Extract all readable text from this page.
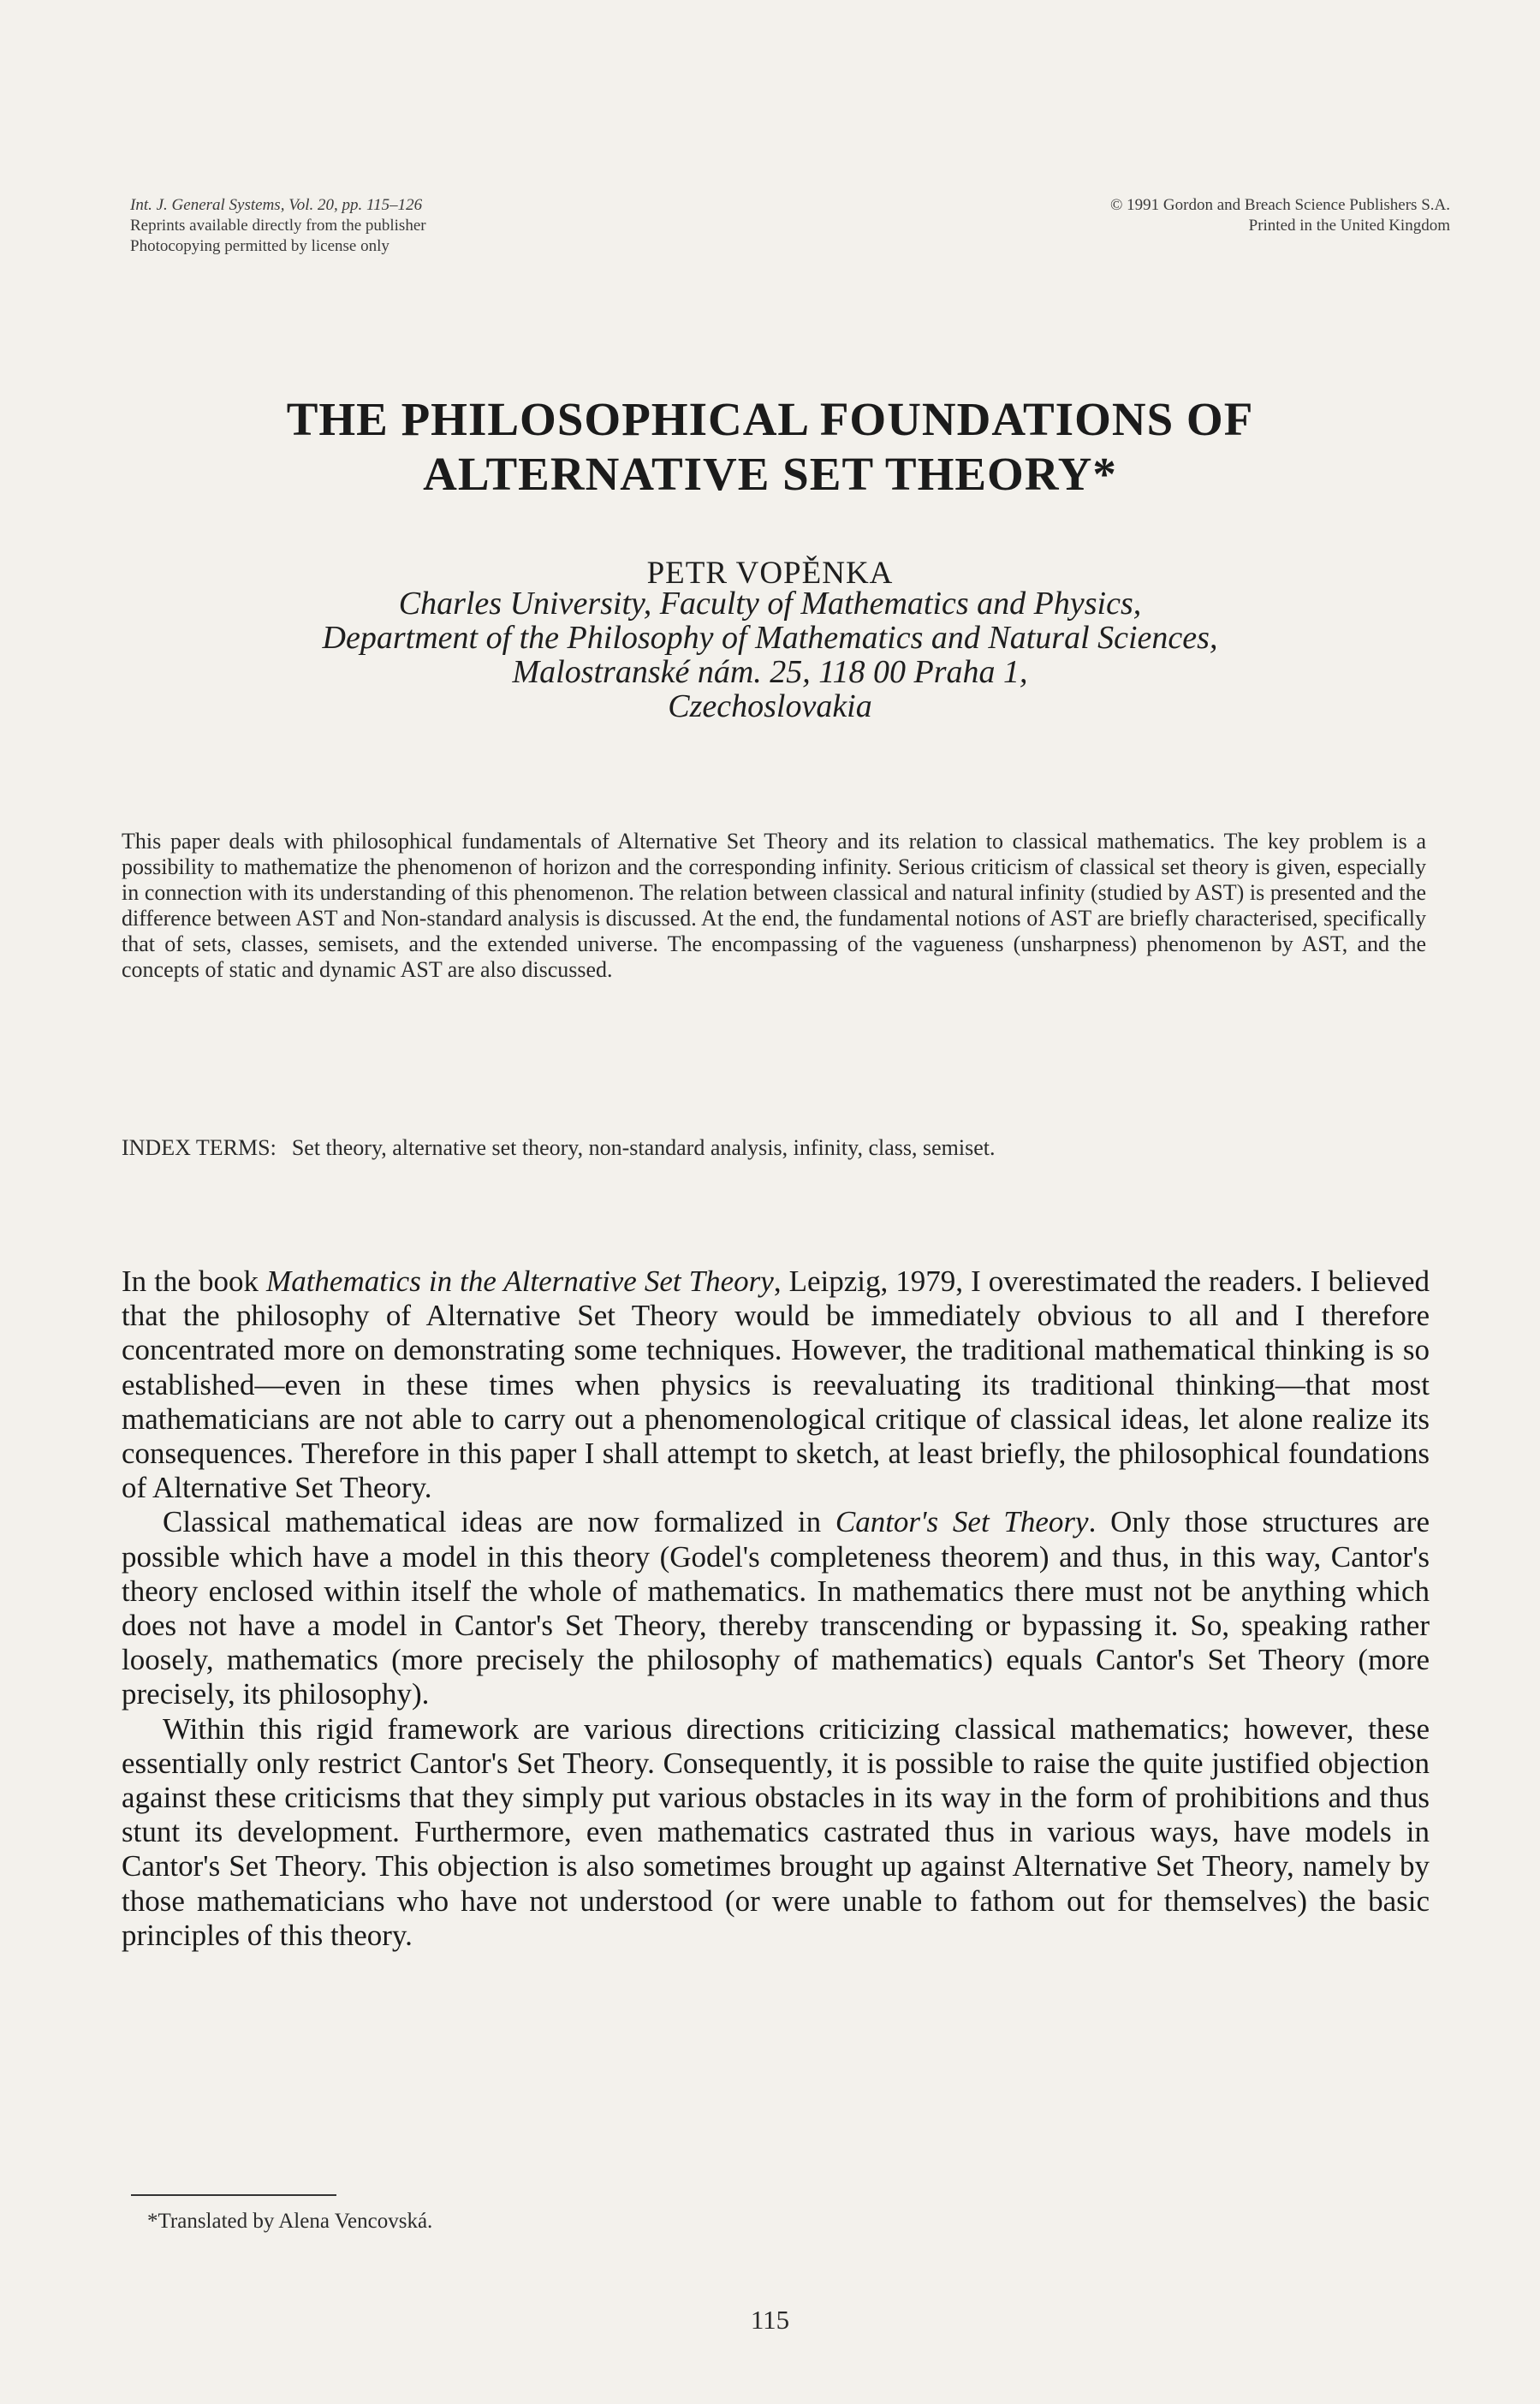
Int. J. General Systems, Vol. 20, pp. 115–126
Reprints available directly from the publisher
Photocopying permitted by license only
© 1991 Gordon and Breach Science Publishers S.A.
Printed in the United Kingdom
THE PHILOSOPHICAL FOUNDATIONS OF
ALTERNATIVE SET THEORY*
PETR VOPĚNKA
Charles University, Faculty of Mathematics and Physics,
Department of the Philosophy of Mathematics and Natural Sciences,
Malostranské nám. 25, 118 00 Praha 1,
Czechoslovakia
This paper deals with philosophical fundamentals of Alternative Set Theory and its relation to classical mathematics. The key problem is a possibility to mathematize the phenomenon of horizon and the corresponding infinity. Serious criticism of classical set theory is given, especially in connection with its understanding of this phenomenon. The relation between classical and natural infinity (studied by AST) is presented and the difference between AST and Non-standard analysis is discussed. At the end, the fundamental notions of AST are briefly characterised, specifically that of sets, classes, semisets, and the extended universe. The encompassing of the vagueness (unsharpness) phenomenon by AST, and the concepts of static and dynamic AST are also discussed.
INDEX TERMS: Set theory, alternative set theory, non-standard analysis, infinity, class, semiset.

In the book Mathematics in the Alternative Set Theory, Leipzig, 1979, I overestimated the readers. I believed that the philosophy of Alternative Set Theory would be immediately obvious to all and I therefore concentrated more on demonstrating some techniques. However, the traditional mathematical thinking is so established—even in these times when physics is reevaluating its traditional thinking—that most mathematicians are not able to carry out a phenomenological critique of classical ideas, let alone realize its consequences. Therefore in this paper I shall attempt to sketch, at least briefly, the philosophical foundations of Alternative Set Theory.

Classical mathematical ideas are now formalized in Cantor's Set Theory. Only those structures are possible which have a model in this theory (Godel's completeness theorem) and thus, in this way, Cantor's theory enclosed within itself the whole of mathematics. In mathematics there must not be anything which does not have a model in Cantor's Set Theory, thereby transcending or bypassing it. So, speaking rather loosely, mathematics (more precisely the philosophy of mathematics) equals Cantor's Set Theory (more precisely, its philosophy).

Within this rigid framework are various directions criticizing classical mathematics; however, these essentially only restrict Cantor's Set Theory. Consequently, it is possible to raise the quite justified objection against these criticisms that they simply put various obstacles in its way in the form of prohibitions and thus stunt its development. Furthermore, even mathematics castrated thus in various ways, have models in Cantor's Set Theory. This objection is also sometimes brought up against Alternative Set Theory, namely by those mathematicians who have not understood (or were unable to fathom out for themselves) the basic principles of this theory.

*Translated by Alena Vencovská.
115
